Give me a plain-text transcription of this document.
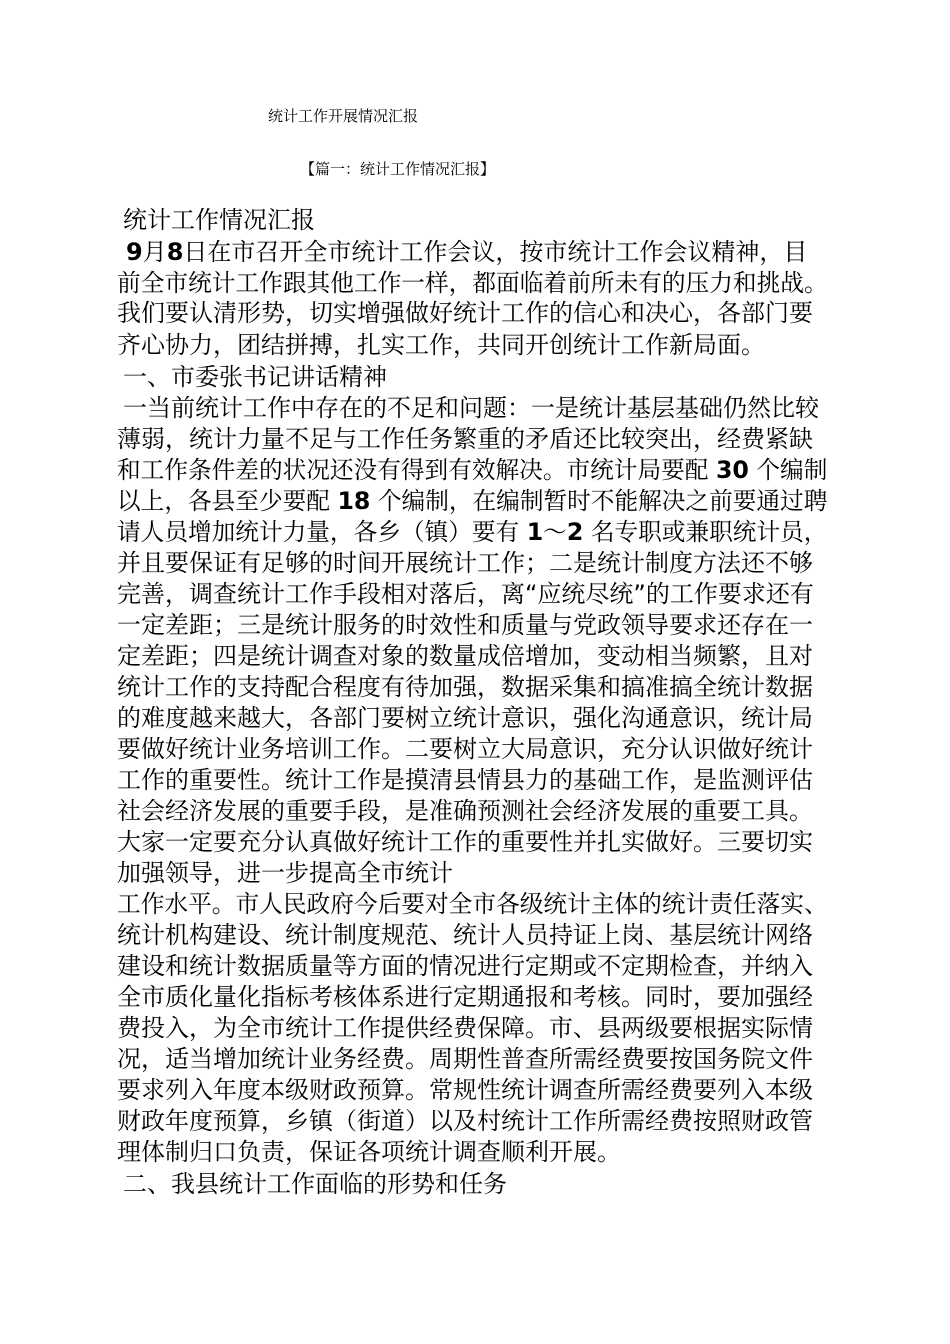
统计工作开展情况汇报
【篇一：统计工作情况汇报】
统计工作情况汇报
9月8日在市召开全市统计工作会议，按市统计工作会议精神，目
前全市统计工作跟其他工作一样，都面临着前所未有的压力和挑战。
我们要认清形势，切实增强做好统计工作的信心和决心，各部门要
齐心协力，团结拼搏，扎实工作，共同开创统计工作新局面。
一、市委张书记讲话精神
一当前统计工作中存在的不足和问题：一是统计基层基础仍然比较
薄弱，统计力量不足与工作任务繁重的矛盾还比较突出，经费紧缺
和工作条件差的状况还没有得到有效解决。市统计局要配 30 个编制
以上，各县至少要配 18 个编制，在编制暂时不能解决之前要通过聘
请人员增加统计力量，各乡（镇）要有 1～2 名专职或兼职统计员，
并且要保证有足够的时间开展统计工作；二是统计制度方法还不够
完善，调查统计工作手段相对落后，离“应统尽统”的工作要求还有
一定差距；三是统计服务的时效性和质量与党政领导要求还存在一
定差距；四是统计调查对象的数量成倍增加，变动相当频繁，且对
统计工作的支持配合程度有待加强，数据采集和搞准搞全统计数据
的难度越来越大，各部门要树立统计意识，强化沟通意识，统计局
要做好统计业务培训工作。二要树立大局意识，充分认识做好统计
工作的重要性。统计工作是摸清县情县力的基础工作，是监测评估
社会经济发展的重要手段，是准确预测社会经济发展的重要工具。
大家一定要充分认真做好统计工作的重要性并扎实做好。三要切实
加强领导，进一步提高全市统计
工作水平。市人民政府今后要对全市各级统计主体的统计责任落实、
统计机构建设、统计制度规范、统计人员持证上岗、基层统计网络
建设和统计数据质量等方面的情况进行定期或不定期检查，并纳入
全市质化量化指标考核体系进行定期通报和考核。同时，要加强经
费投入，为全市统计工作提供经费保障。市、县两级要根据实际情
况，适当增加统计业务经费。周期性普查所需经费要按国务院文件
要求列入年度本级财政预算。常规性统计调查所需经费要列入本级
财政年度预算，乡镇（街道）以及村统计工作所需经费按照财政管
理体制归口负责，保证各项统计调查顺利开展。
二、我县统计工作面临的形势和任务
